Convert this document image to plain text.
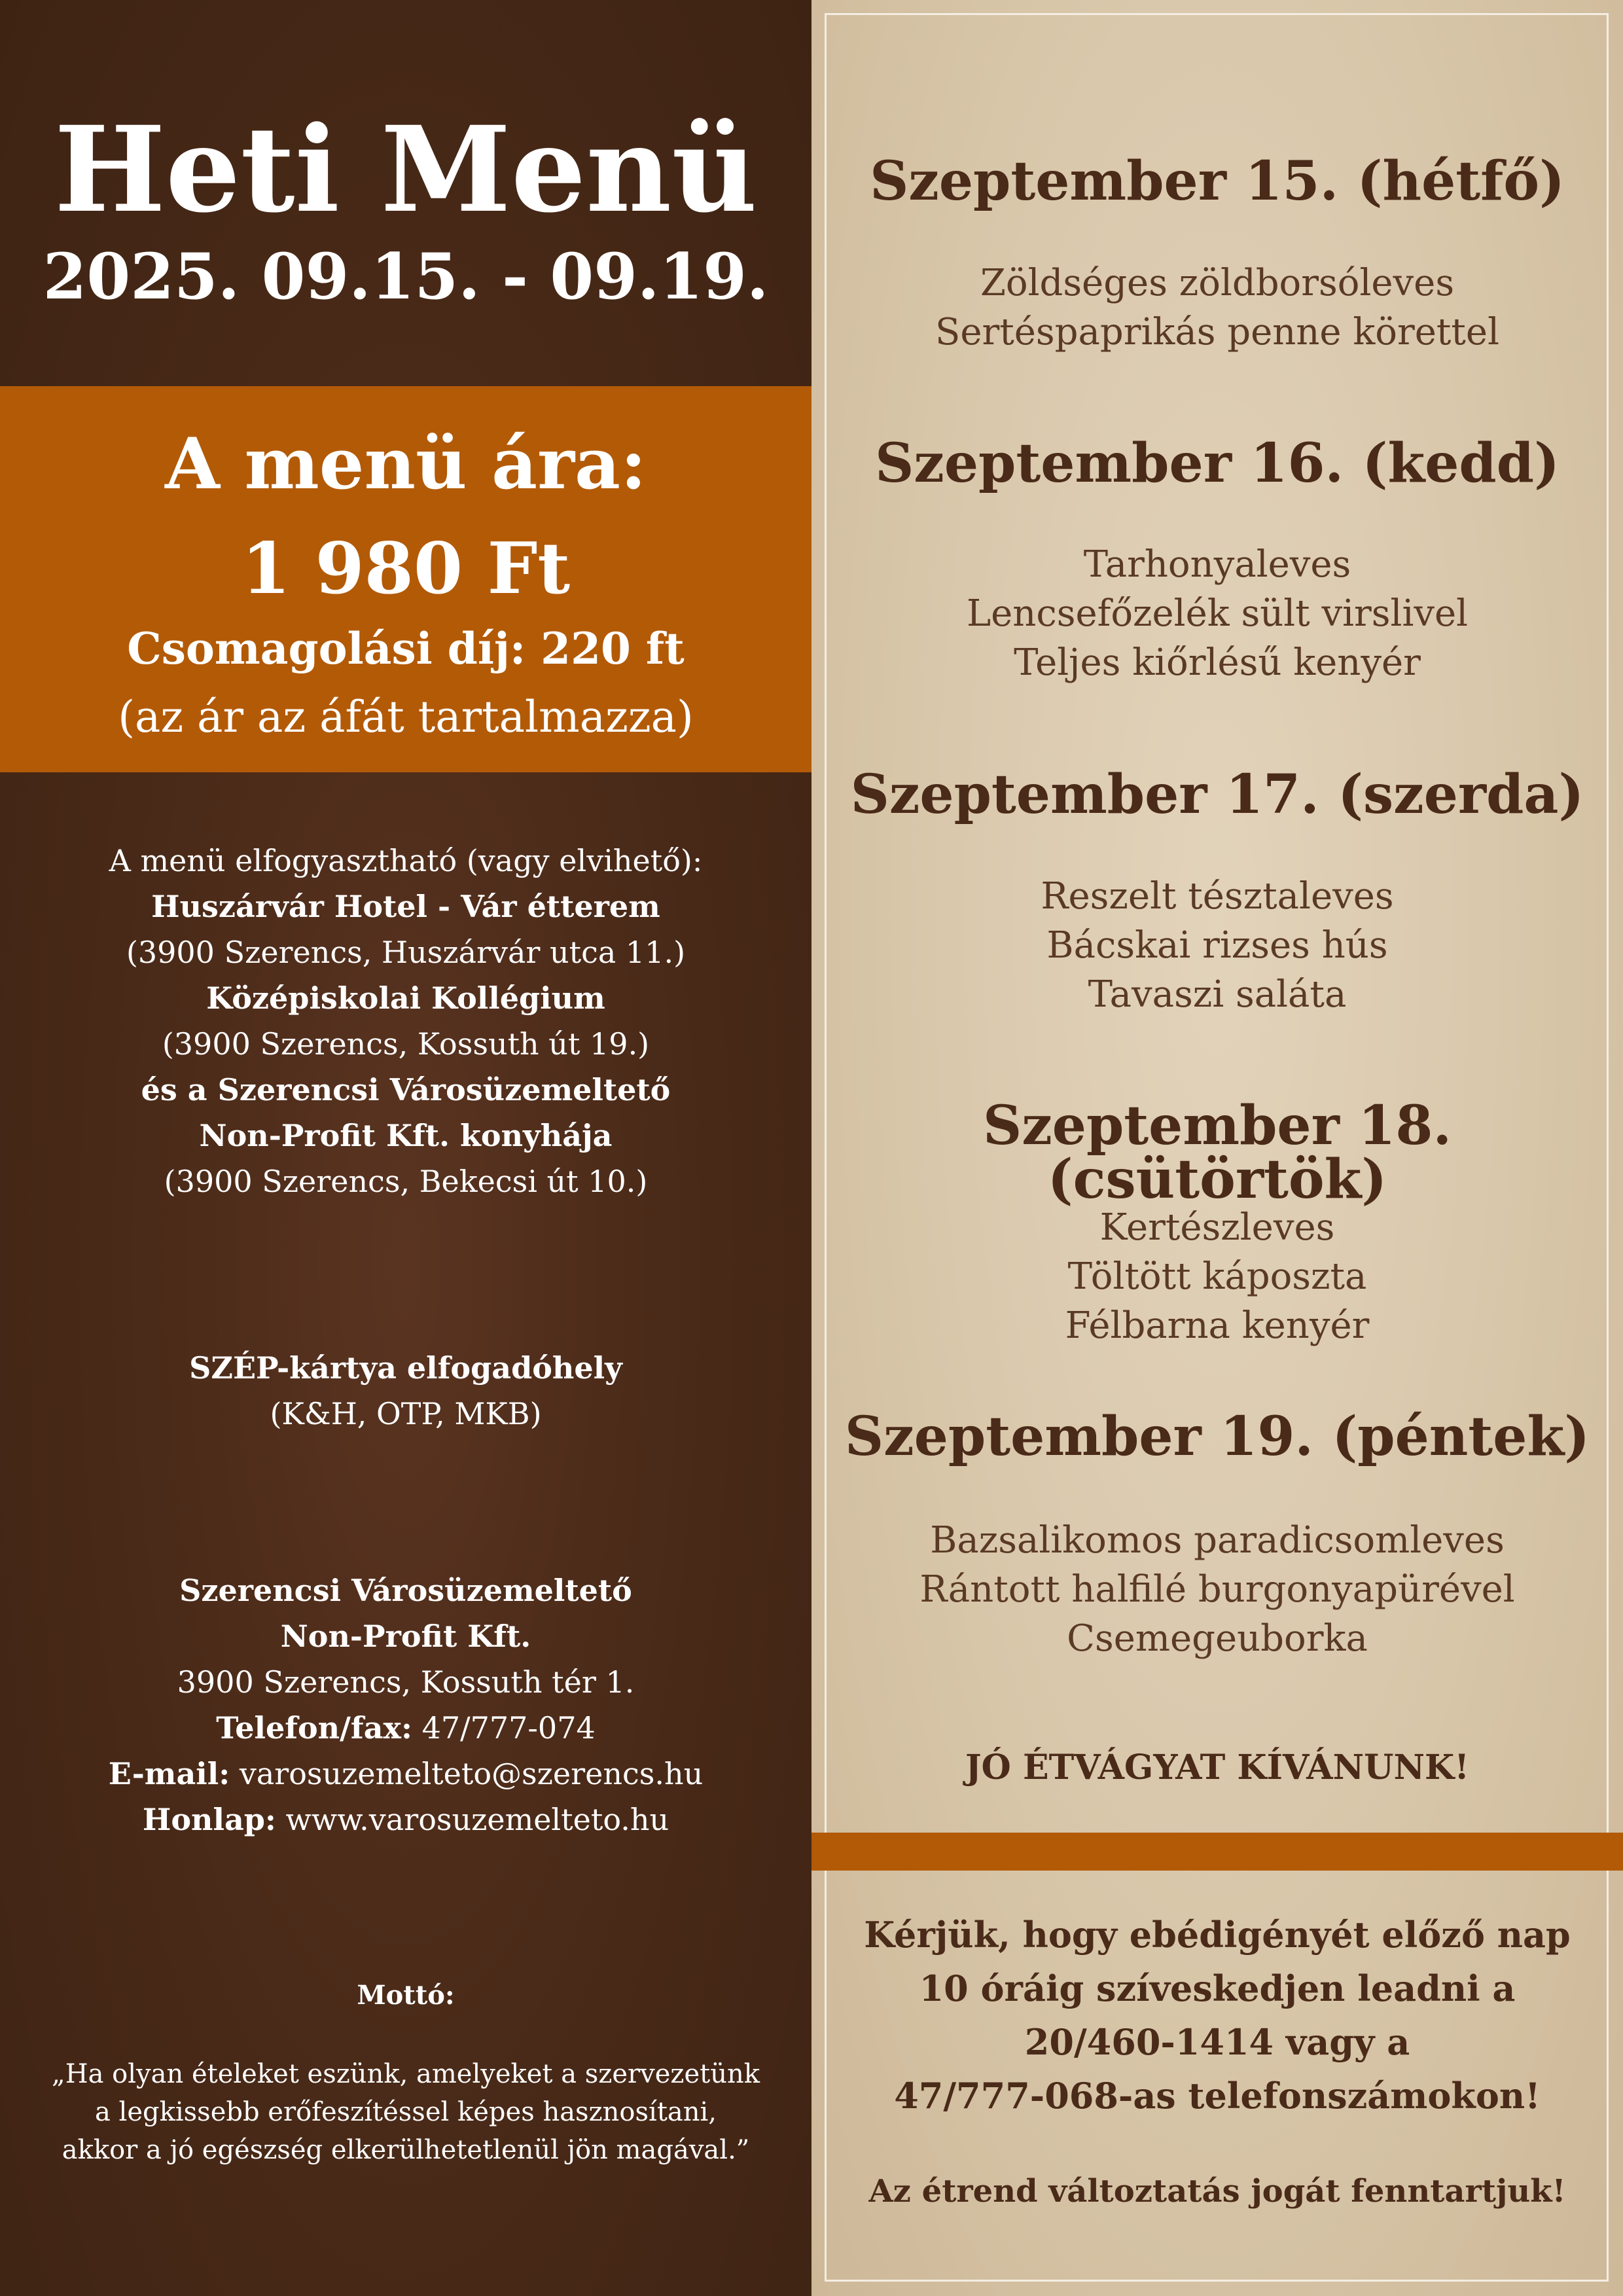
Heti Menü
2025. 09.15. - 09.19.
A menü ára:
1 980 Ft
Csomagolási díj: 220 ft
(az ár az áfát tartalmazza)
A menü elfogyasztható (vagy elvihető):
Huszárvár Hotel - Vár étterem
(3900 Szerencs, Huszárvár utca 11.)
Középiskolai Kollégium
(3900 Szerencs, Kossuth út 19.)
és a Szerencsi Városüzemeltető
Non-Profit Kft. konyhája
(3900 Szerencs, Bekecsi út 10.)
SZÉP-kártya elfogadóhely
(K&H, OTP, MKB)
Szerencsi Városüzemeltető
Non-Profit Kft.
3900 Szerencs, Kossuth tér 1.
Telefon/fax: 47/777-074
E-mail: varosuzemelteto@szerencs.hu
Honlap: www.varosuzemelteto.hu
Mottó:
„Ha olyan ételeket eszünk, amelyeket a szervezetünk
a legkissebb erőfeszítéssel képes hasznosítani,
akkor a jó egészség elkerülhetetlenül jön magával.”
Szeptember 15. (hétfő)
Zöldséges zöldborsóleves
Sertéspaprikás penne körettel
Szeptember 16. (kedd)
Tarhonyaleves
Lencsefőzelék sült virslivel
Teljes kiőrlésű kenyér
Szeptember 17. (szerda)
Reszelt tésztaleves
Bácskai rizses hús
Tavaszi saláta
Szeptember 18. (csütörtök)
Kertészleves
Töltött káposzta
Félbarna kenyér
Szeptember 19. (péntek)
Bazsalikomos paradicsomleves
Rántott halfilé burgonyapürével
Csemegeuborka
JÓ ÉTVÁGYAT KÍVÁNUNK!
Kérjük, hogy ebédigényét előző nap
10 óráig szíveskedjen leadni a
20/460-1414 vagy a
47/777-068-as telefonszámokon!
Az étrend változtatás jogát fenntartjuk!
